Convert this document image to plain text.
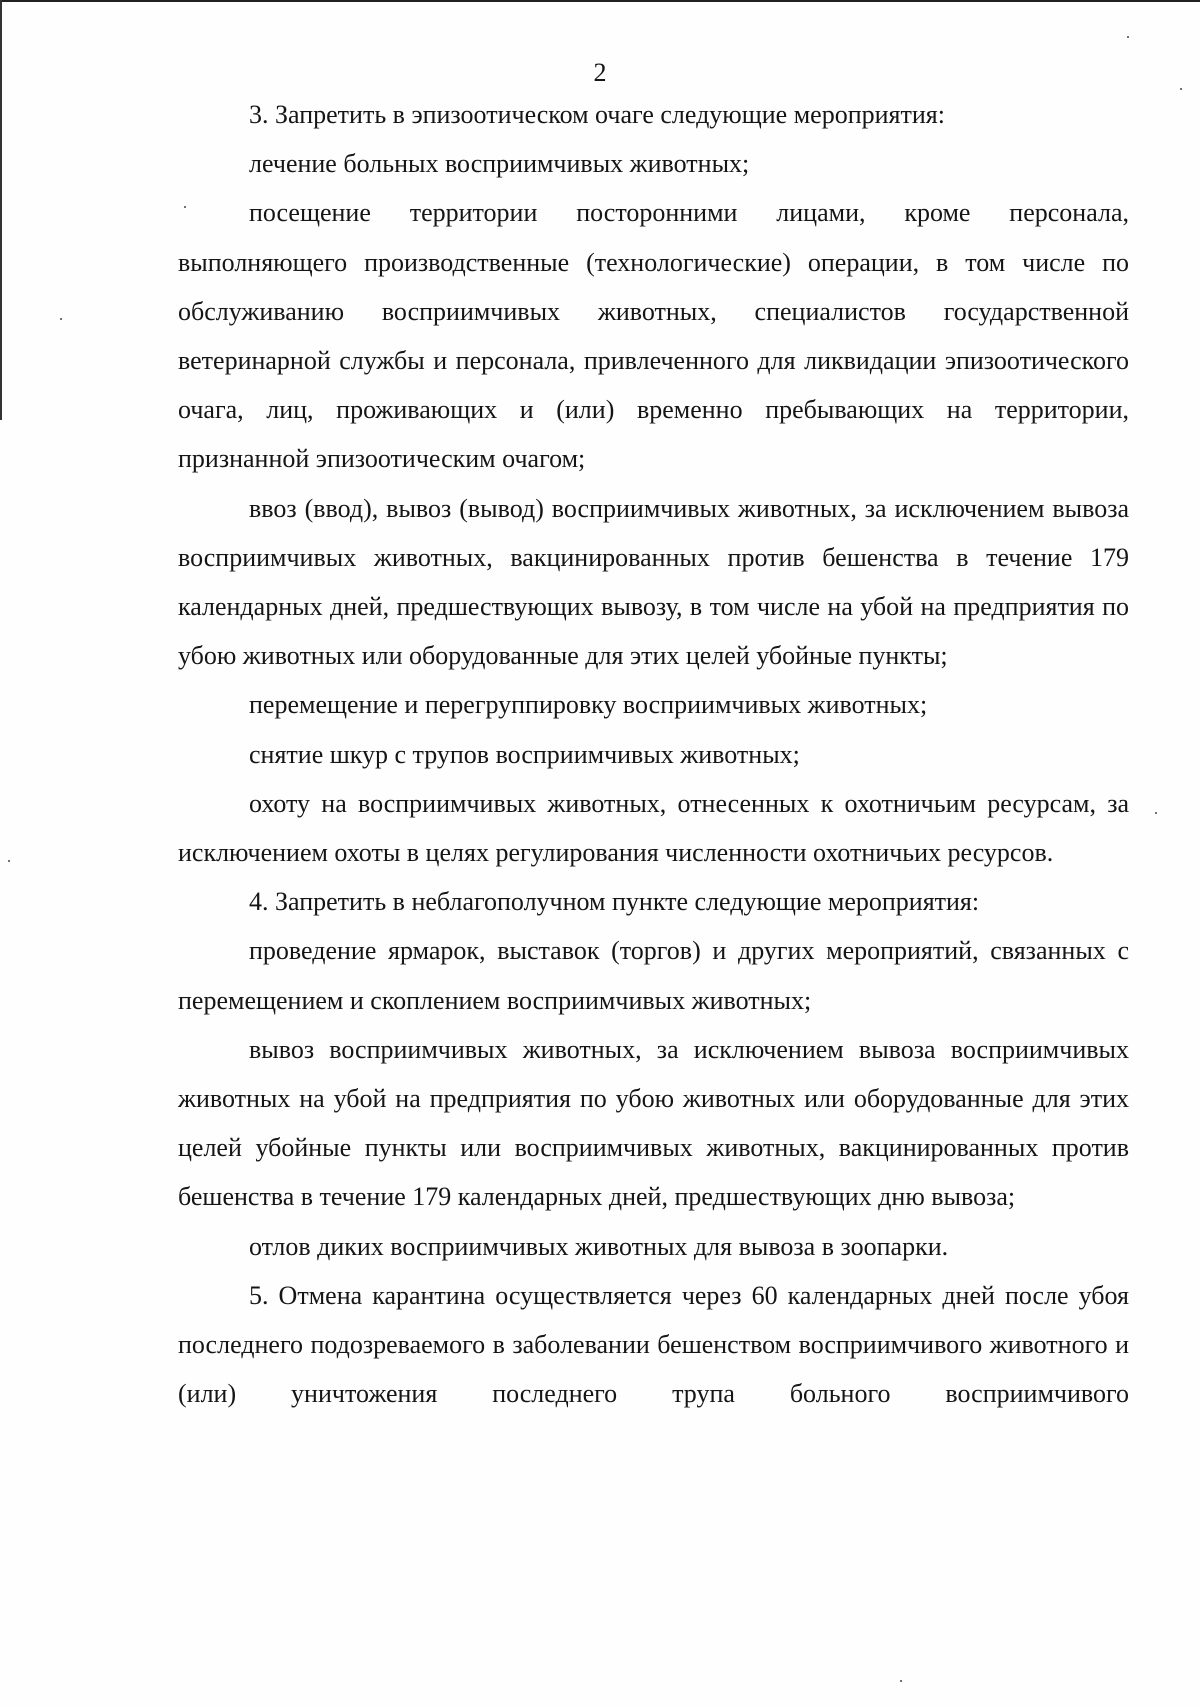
2

3. Запретить в эпизоотическом очаге следующие мероприятия:

лечение больных восприимчивых животных;

посещение территории посторонними лицами, кроме персонала, выполняющего производственные (технологические) операции, в том числе по обслуживанию восприимчивых животных, специалистов государственной ветеринарной службы и персонала, привлеченного для ликвидации эпизоотического очага, лиц, проживающих и (или) временно пребывающих на территории, признанной эпизоотическим очагом;

ввоз (ввод), вывоз (вывод) восприимчивых животных, за исключением вывоза восприимчивых животных, вакцинированных против бешенства в течение 179 календарных дней, предшествующих вывозу, в том числе на убой на предприятия по убою животных или оборудованные для этих целей убойные пункты;

перемещение и перегруппировку восприимчивых животных;

снятие шкур с трупов восприимчивых животных;

охоту на восприимчивых животных, отнесенных к охотничьим ресурсам, за исключением охоты в целях регулирования численности охотничьих ресурсов.

4. Запретить в неблагополучном пункте следующие мероприятия:

проведение ярмарок, выставок (торгов) и других мероприятий, связанных с перемещением и скоплением восприимчивых животных;

вывоз восприимчивых животных, за исключением вывоза восприимчивых животных на убой на предприятия по убою животных или оборудованные для этих целей убойные пункты или восприимчивых животных, вакцинированных против бешенства в течение 179 календарных дней, предшествующих дню вывоза;

отлов диких восприимчивых животных для вывоза в зоопарки.

5. Отмена карантина осуществляется через 60 календарных дней после убоя последнего подозреваемого в заболевании бешенством восприимчивого животного и (или) уничтожения последнего трупа больного восприимчивого
